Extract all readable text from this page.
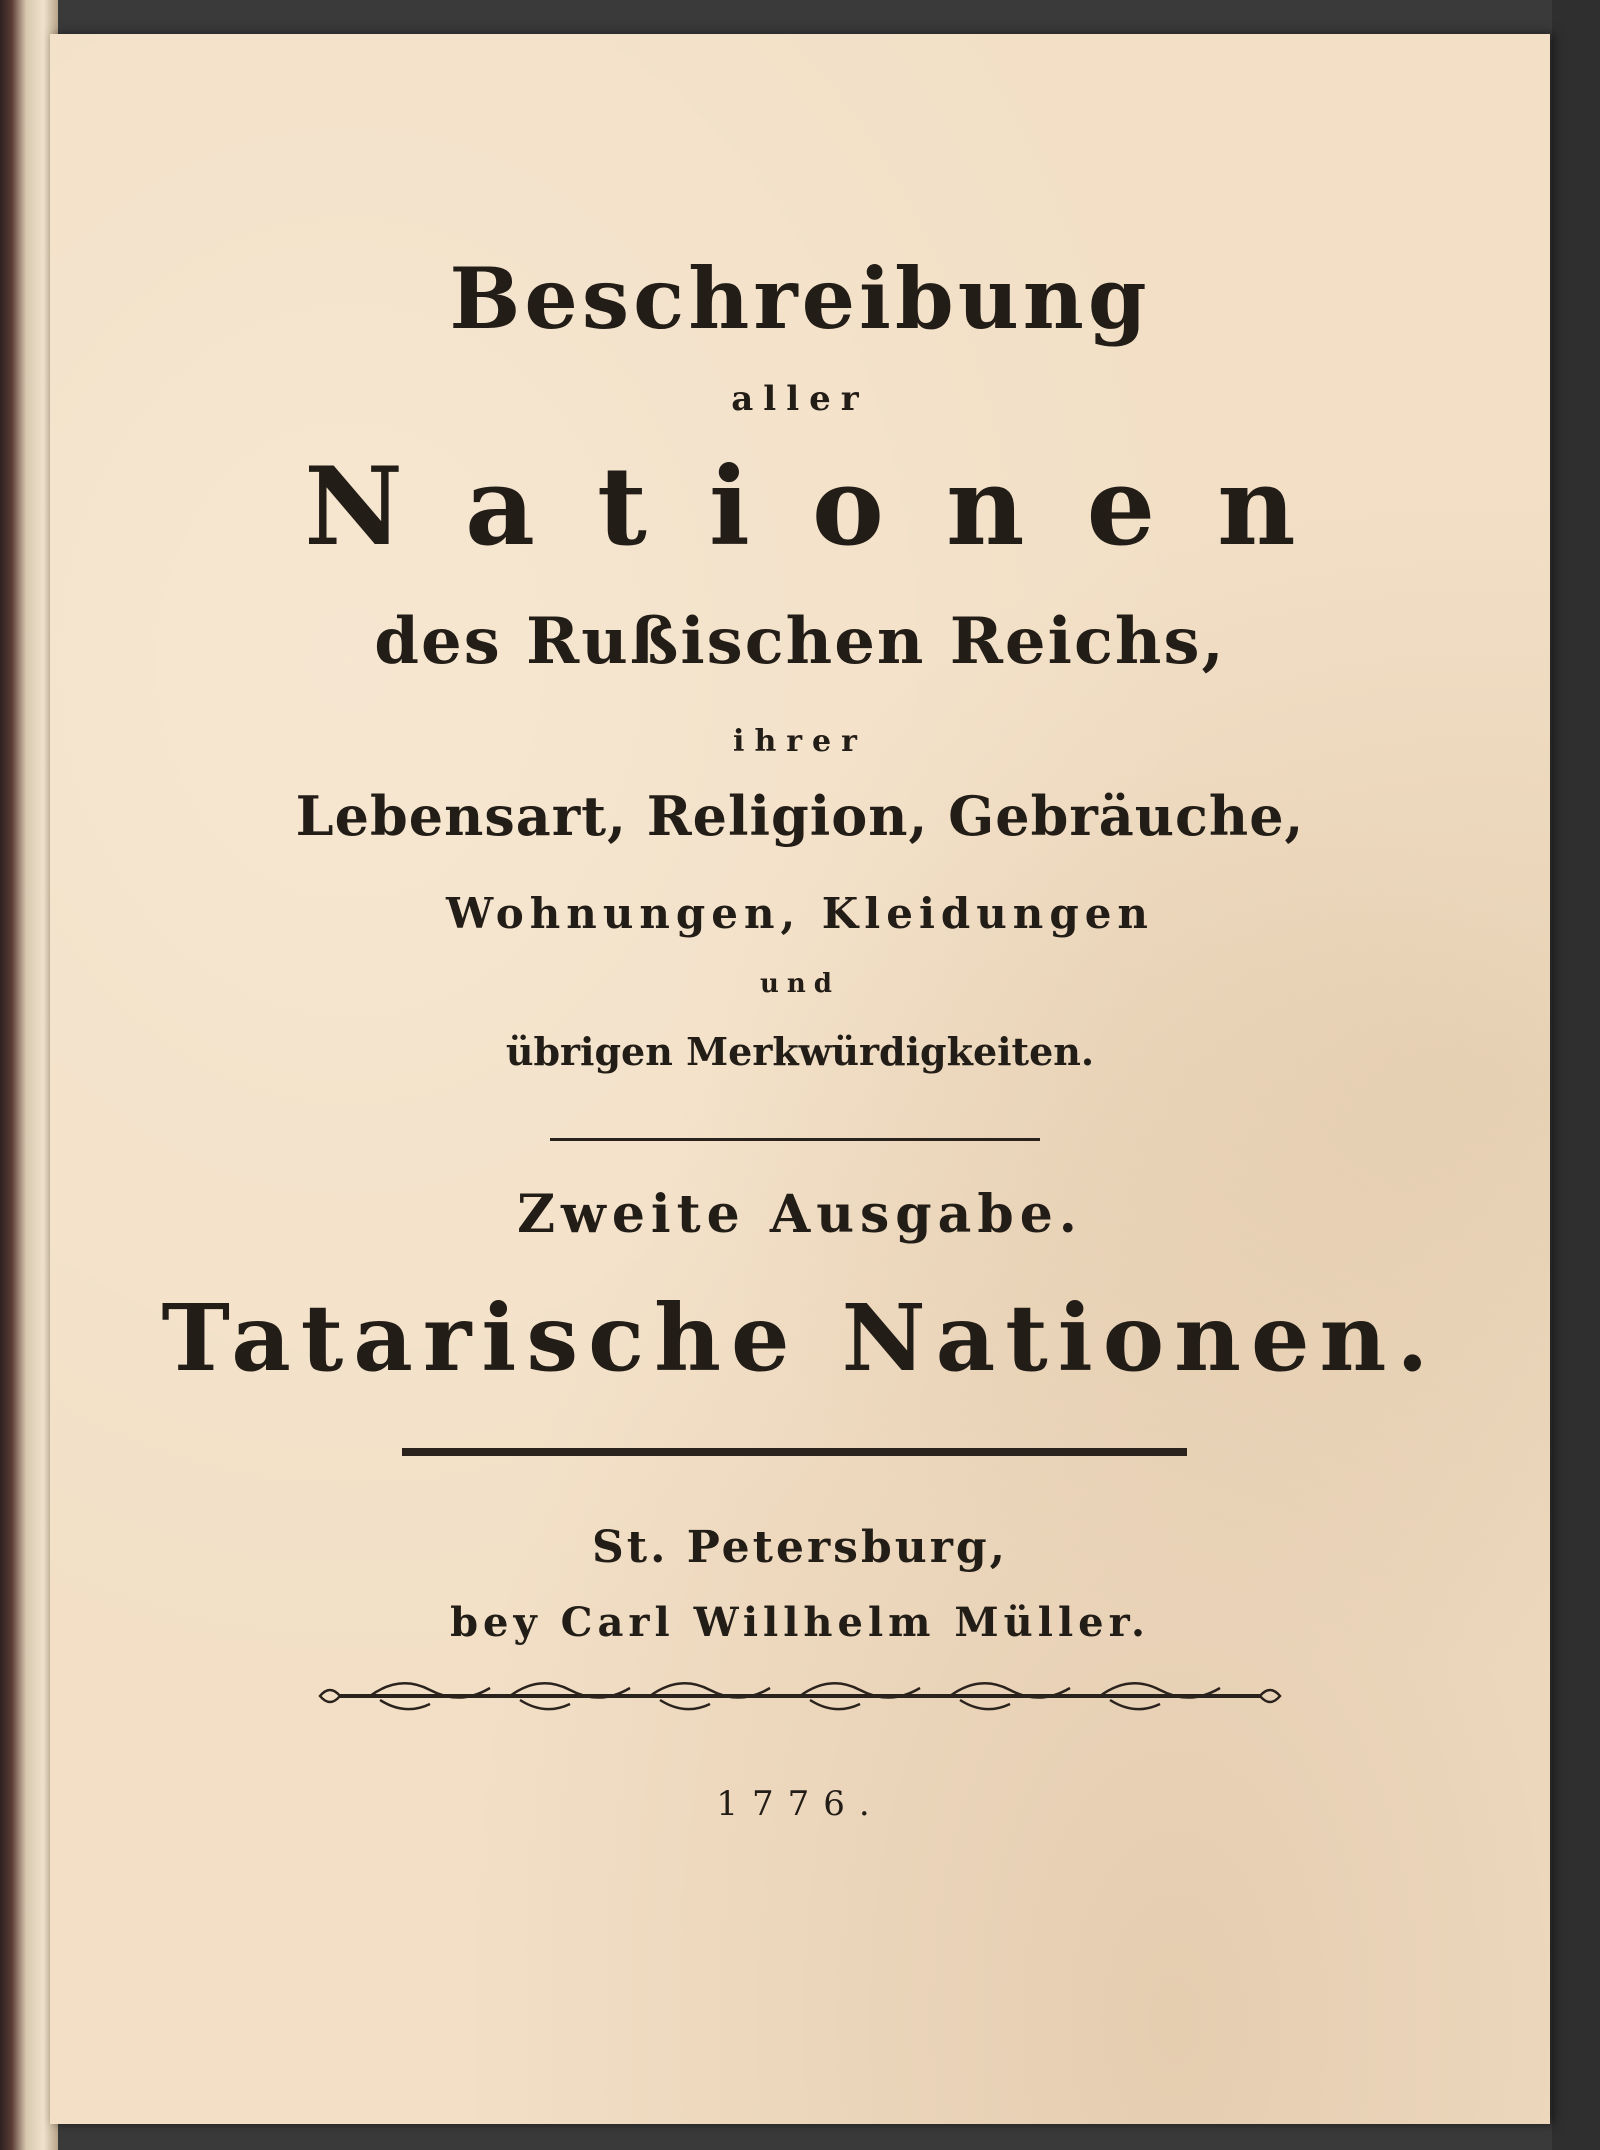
Beschreibung
aller
Nationen
des Rußischen Reichs,
ihrer
Lebensart, Religion, Gebräuche,
Wohnungen, Kleidungen
und
übrigen Merkwürdigkeiten.
Zweite Ausgabe.
Tatarische Nationen.
St. Petersburg,
bey Carl Willhelm Müller.
1776.
